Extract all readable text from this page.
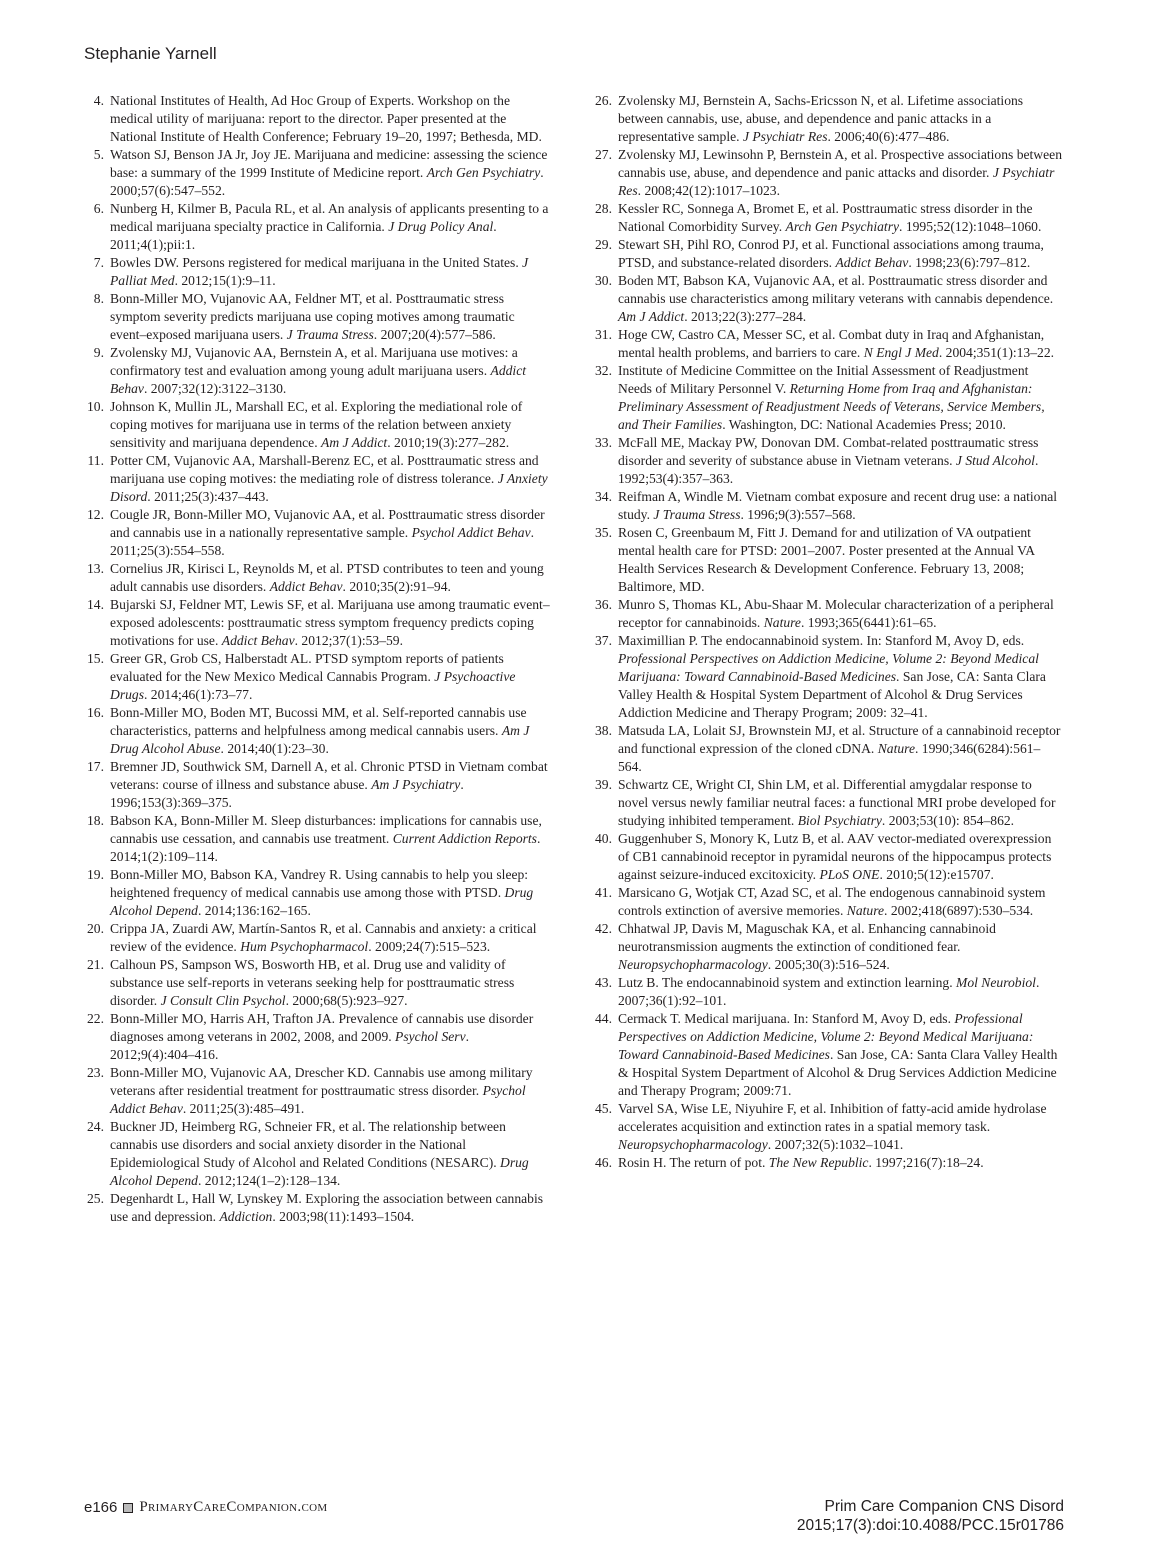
Stephanie Yarnell
4. National Institutes of Health, Ad Hoc Group of Experts. Workshop on the medical utility of marijuana: report to the director. Paper presented at the National Institute of Health Conference; February 19–20, 1997; Bethesda, MD.
5. Watson SJ, Benson JA Jr, Joy JE. Marijuana and medicine: assessing the science base: a summary of the 1999 Institute of Medicine report. Arch Gen Psychiatry. 2000;57(6):547–552.
6. Nunberg H, Kilmer B, Pacula RL, et al. An analysis of applicants presenting to a medical marijuana specialty practice in California. J Drug Policy Anal. 2011;4(1);pii:1.
7. Bowles DW. Persons registered for medical marijuana in the United States. J Palliat Med. 2012;15(1):9–11.
8. Bonn-Miller MO, Vujanovic AA, Feldner MT, et al. Posttraumatic stress symptom severity predicts marijuana use coping motives among traumatic event–exposed marijuana users. J Trauma Stress. 2007;20(4):577–586.
9. Zvolensky MJ, Vujanovic AA, Bernstein A, et al. Marijuana use motives: a confirmatory test and evaluation among young adult marijuana users. Addict Behav. 2007;32(12):3122–3130.
10. Johnson K, Mullin JL, Marshall EC, et al. Exploring the mediational role of coping motives for marijuana use in terms of the relation between anxiety sensitivity and marijuana dependence. Am J Addict. 2010;19(3):277–282.
11. Potter CM, Vujanovic AA, Marshall-Berenz EC, et al. Posttraumatic stress and marijuana use coping motives: the mediating role of distress tolerance. J Anxiety Disord. 2011;25(3):437–443.
12. Cougle JR, Bonn-Miller MO, Vujanovic AA, et al. Posttraumatic stress disorder and cannabis use in a nationally representative sample. Psychol Addict Behav. 2011;25(3):554–558.
13. Cornelius JR, Kirisci L, Reynolds M, et al. PTSD contributes to teen and young adult cannabis use disorders. Addict Behav. 2010;35(2):91–94.
14. Bujarski SJ, Feldner MT, Lewis SF, et al. Marijuana use among traumatic event–exposed adolescents: posttraumatic stress symptom frequency predicts coping motivations for use. Addict Behav. 2012;37(1):53–59.
15. Greer GR, Grob CS, Halberstadt AL. PTSD symptom reports of patients evaluated for the New Mexico Medical Cannabis Program. J Psychoactive Drugs. 2014;46(1):73–77.
16. Bonn-Miller MO, Boden MT, Bucossi MM, et al. Self-reported cannabis use characteristics, patterns and helpfulness among medical cannabis users. Am J Drug Alcohol Abuse. 2014;40(1):23–30.
17. Bremner JD, Southwick SM, Darnell A, et al. Chronic PTSD in Vietnam combat veterans: course of illness and substance abuse. Am J Psychiatry. 1996;153(3):369–375.
18. Babson KA, Bonn-Miller M. Sleep disturbances: implications for cannabis use, cannabis use cessation, and cannabis use treatment. Current Addiction Reports. 2014;1(2):109–114.
19. Bonn-Miller MO, Babson KA, Vandrey R. Using cannabis to help you sleep: heightened frequency of medical cannabis use among those with PTSD. Drug Alcohol Depend. 2014;136:162–165.
20. Crippa JA, Zuardi AW, Martín-Santos R, et al. Cannabis and anxiety: a critical review of the evidence. Hum Psychopharmacol. 2009;24(7):515–523.
21. Calhoun PS, Sampson WS, Bosworth HB, et al. Drug use and validity of substance use self-reports in veterans seeking help for posttraumatic stress disorder. J Consult Clin Psychol. 2000;68(5):923–927.
22. Bonn-Miller MO, Harris AH, Trafton JA. Prevalence of cannabis use disorder diagnoses among veterans in 2002, 2008, and 2009. Psychol Serv. 2012;9(4):404–416.
23. Bonn-Miller MO, Vujanovic AA, Drescher KD. Cannabis use among military veterans after residential treatment for posttraumatic stress disorder. Psychol Addict Behav. 2011;25(3):485–491.
24. Buckner JD, Heimberg RG, Schneier FR, et al. The relationship between cannabis use disorders and social anxiety disorder in the National Epidemiological Study of Alcohol and Related Conditions (NESARC). Drug Alcohol Depend. 2012;124(1–2):128–134.
25. Degenhardt L, Hall W, Lynskey M. Exploring the association between cannabis use and depression. Addiction. 2003;98(11):1493–1504.
26. Zvolensky MJ, Bernstein A, Sachs-Ericsson N, et al. Lifetime associations between cannabis, use, abuse, and dependence and panic attacks in a representative sample. J Psychiatr Res. 2006;40(6):477–486.
27. Zvolensky MJ, Lewinsohn P, Bernstein A, et al. Prospective associations between cannabis use, abuse, and dependence and panic attacks and disorder. J Psychiatr Res. 2008;42(12):1017–1023.
28. Kessler RC, Sonnega A, Bromet E, et al. Posttraumatic stress disorder in the National Comorbidity Survey. Arch Gen Psychiatry. 1995;52(12):1048–1060.
29. Stewart SH, Pihl RO, Conrod PJ, et al. Functional associations among trauma, PTSD, and substance-related disorders. Addict Behav. 1998;23(6):797–812.
30. Boden MT, Babson KA, Vujanovic AA, et al. Posttraumatic stress disorder and cannabis use characteristics among military veterans with cannabis dependence. Am J Addict. 2013;22(3):277–284.
31. Hoge CW, Castro CA, Messer SC, et al. Combat duty in Iraq and Afghanistan, mental health problems, and barriers to care. N Engl J Med. 2004;351(1):13–22.
32. Institute of Medicine Committee on the Initial Assessment of Readjustment Needs of Military Personnel V. Returning Home from Iraq and Afghanistan: Preliminary Assessment of Readjustment Needs of Veterans, Service Members, and Their Families. Washington, DC: National Academies Press; 2010.
33. McFall ME, Mackay PW, Donovan DM. Combat-related posttraumatic stress disorder and severity of substance abuse in Vietnam veterans. J Stud Alcohol. 1992;53(4):357–363.
34. Reifman A, Windle M. Vietnam combat exposure and recent drug use: a national study. J Trauma Stress. 1996;9(3):557–568.
35. Rosen C, Greenbaum M, Fitt J. Demand for and utilization of VA outpatient mental health care for PTSD: 2001–2007. Poster presented at the Annual VA Health Services Research & Development Conference. February 13, 2008; Baltimore, MD.
36. Munro S, Thomas KL, Abu-Shaar M. Molecular characterization of a peripheral receptor for cannabinoids. Nature. 1993;365(6441):61–65.
37. Maximillian P. The endocannabinoid system. In: Stanford M, Avoy D, eds. Professional Perspectives on Addiction Medicine, Volume 2: Beyond Medical Marijuana: Toward Cannabinoid-Based Medicines. San Jose, CA: Santa Clara Valley Health & Hospital System Department of Alcohol & Drug Services Addiction Medicine and Therapy Program; 2009: 32–41.
38. Matsuda LA, Lolait SJ, Brownstein MJ, et al. Structure of a cannabinoid receptor and functional expression of the cloned cDNA. Nature. 1990;346(6284):561–564.
39. Schwartz CE, Wright CI, Shin LM, et al. Differential amygdalar response to novel versus newly familiar neutral faces: a functional MRI probe developed for studying inhibited temperament. Biol Psychiatry. 2003;53(10): 854–862.
40. Guggenhuber S, Monory K, Lutz B, et al. AAV vector-mediated overexpression of CB1 cannabinoid receptor in pyramidal neurons of the hippocampus protects against seizure-induced excitoxicity. PLoS ONE. 2010;5(12):e15707.
41. Marsicano G, Wotjak CT, Azad SC, et al. The endogenous cannabinoid system controls extinction of aversive memories. Nature. 2002;418(6897):530–534.
42. Chhatwal JP, Davis M, Maguschak KA, et al. Enhancing cannabinoid neurotransmission augments the extinction of conditioned fear. Neuropsychopharmacology. 2005;30(3):516–524.
43. Lutz B. The endocannabinoid system and extinction learning. Mol Neurobiol. 2007;36(1):92–101.
44. Cermack T. Medical marijuana. In: Stanford M, Avoy D, eds. Professional Perspectives on Addiction Medicine, Volume 2: Beyond Medical Marijuana: Toward Cannabinoid-Based Medicines. San Jose, CA: Santa Clara Valley Health & Hospital System Department of Alcohol & Drug Services Addiction Medicine and Therapy Program; 2009:71.
45. Varvel SA, Wise LE, Niyuhire F, et al. Inhibition of fatty-acid amide hydrolase accelerates acquisition and extinction rates in a spatial memory task. Neuropsychopharmacology. 2007;32(5):1032–1041.
46. Rosin H. The return of pot. The New Republic. 1997;216(7):18–24.
e166 PrimaryCareCompanion.com	Prim Care Companion CNS Disord
2015;17(3):doi:10.4088/PCC.15r01786
